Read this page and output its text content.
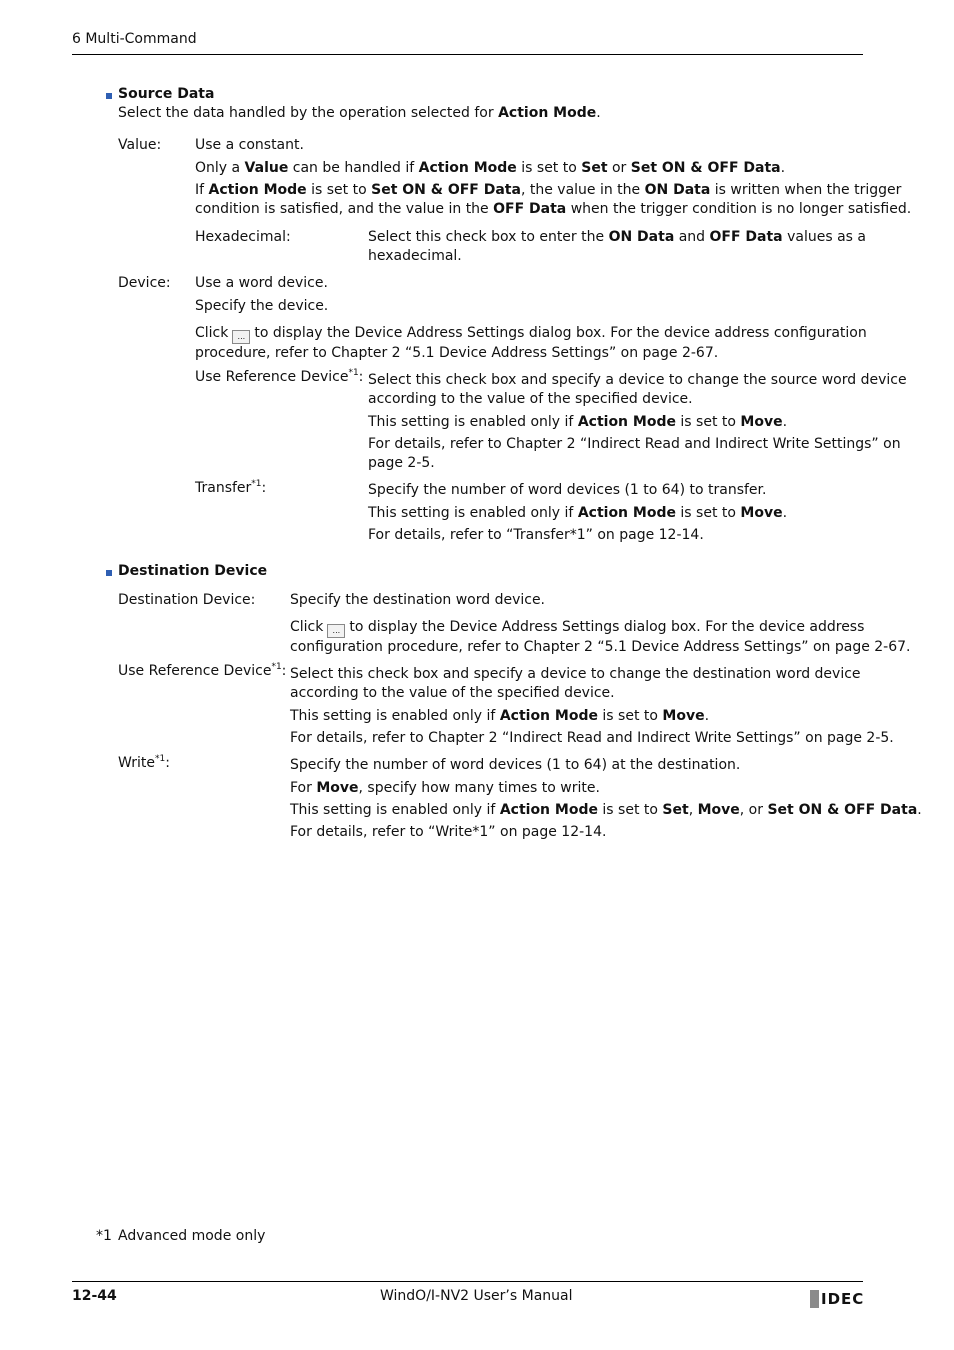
6 Multi-Command
Source Data
Select the data handled by the operation selected for Action Mode.
Value: Use a constant.
Only a Value can be handled if Action Mode is set to Set or Set ON & OFF Data.
If Action Mode is set to Set ON & OFF Data, the value in the ON Data is written when the trigger
condition is satisfied, and the value in the OFF Data when the trigger condition is no longer satisfied.
Hexadecimal:	Select this check box to enter the ON Data and OFF Data values as a
hexadecimal.
Device: Use a word device.
Specify the device.
Click ... to display the Device Address Settings dialog box. For the device address configuration
procedure, refer to Chapter 2 “5.1 Device Address Settings” on page 2-67.
Use Reference Device$^{*1}$: Select this check box and specify a device to change the source word device
according to the value of the specified device.
This setting is enabled only if Action Mode is set to Move.
For details, refer to Chapter 2 “Indirect Read and Indirect Write Settings” on
page 2-5.
Transfer$^{*1}$:	Specify the number of word devices (1 to 64) to transfer.
This setting is enabled only if Action Mode is set to Move.
For details, refer to “Transfer*1” on page 12-14.
Destination Device
Destination Device: Specify the destination word device.
Click ... to display the Device Address Settings dialog box. For the device address
configuration procedure, refer to Chapter 2 “5.1 Device Address Settings” on page 2-67.
Use Reference Device$^{*1}$: Select this check box and specify a device to change the destination word device
according to the value of the specified device.
This setting is enabled only if Action Mode is set to Move.
For details, refer to Chapter 2 “Indirect Read and Indirect Write Settings” on page 2-5.
Write$^{*1}$:	Specify the number of word devices (1 to 64) at the destination.
For Move, specify how many times to write.
This setting is enabled only if Action Mode is set to Set, Move, or Set ON & OFF Data.
For details, refer to “Write*1” on page 12-14.
*1 Advanced mode only
12-44	WindO/I-NV2 User’s Manual	IDEC
